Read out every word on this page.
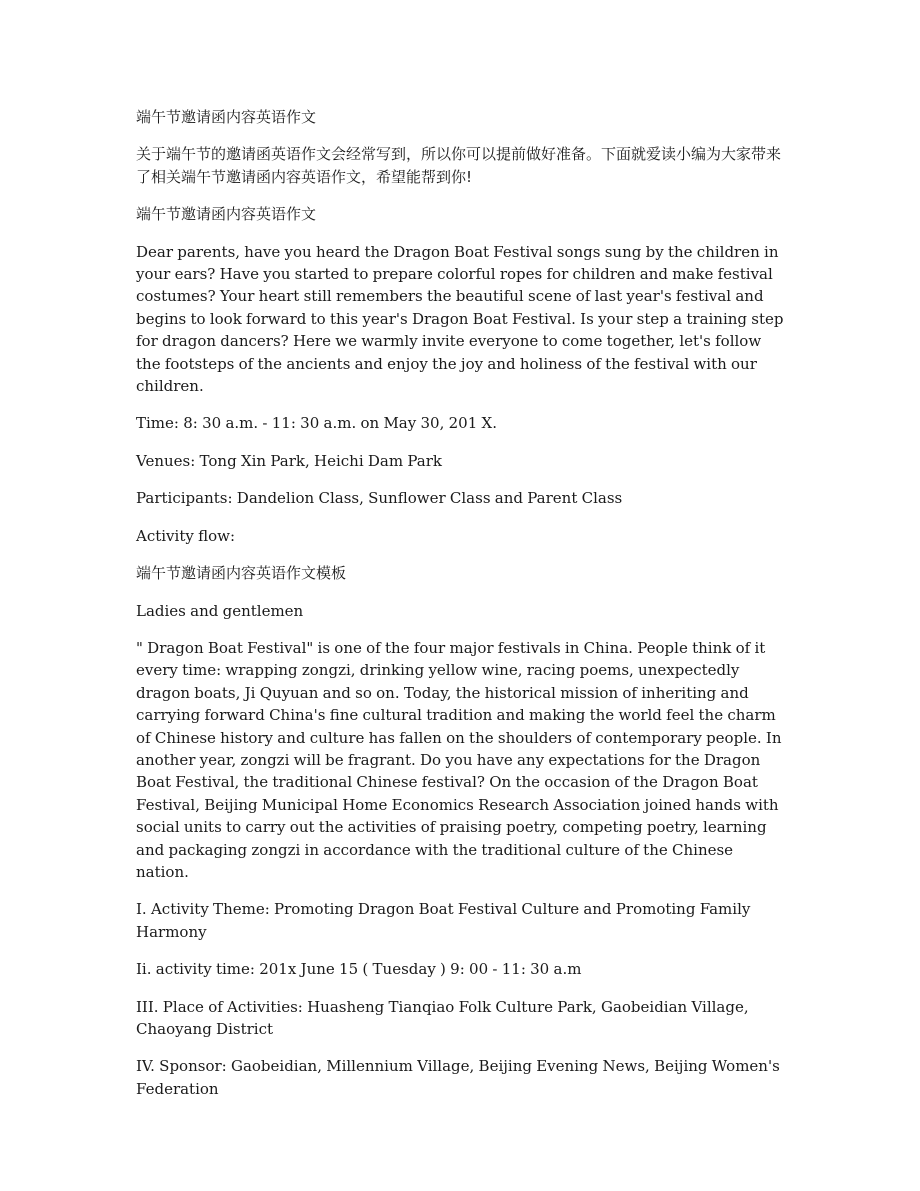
端午节邀请函内容英语作文

关于端午节的邀请函英语作文会经常写到，所以你可以提前做好准备。下面就爱读小编为大家带来了相关端午节邀请函内容英语作文，希望能帮到你!

端午节邀请函内容英语作文

Dear parents, have you heard the Dragon Boat Festival songs sung by the children in your ears? Have you started to prepare colorful ropes for children and make festival costumes? Your heart still remembers the beautiful scene of last year's festival and begins to look forward to this year's Dragon Boat Festival. Is your step a training step for dragon dancers? Here we warmly invite everyone to come together, let's follow the footsteps of the ancients and enjoy the joy and holiness of the festival with our children.

Time: 8: 30 a.m. - 11: 30 a.m. on May 30, 201 X.

Venues: Tong Xin Park, Heichi Dam Park

Participants: Dandelion Class, Sunflower Class and Parent Class

Activity flow:

端午节邀请函内容英语作文模板

Ladies and gentlemen

" Dragon Boat Festival" is one of the four major festivals in China. People think of it every time: wrapping zongzi, drinking yellow wine, racing poems, unexpectedly dragon boats, Ji Quyuan and so on. Today, the historical mission of inheriting and carrying forward China's fine cultural tradition and making the world feel the charm of Chinese history and culture has fallen on the shoulders of contemporary people. In another year, zongzi will be fragrant. Do you have any expectations for the Dragon Boat Festival, the traditional Chinese festival? On the occasion of the Dragon Boat Festival, Beijing Municipal Home Economics Research Association joined hands with social units to carry out the activities of praising poetry, competing poetry, learning and packaging zongzi in accordance with the traditional culture of the Chinese nation.

I. Activity Theme: Promoting Dragon Boat Festival Culture and Promoting Family Harmony

Ii. activity time: 201x June 15 ( Tuesday ) 9: 00 - 11: 30 a.m

III. Place of Activities: Huasheng Tianqiao Folk Culture Park, Gaobeidian Village, Chaoyang District

IV. Sponsor: Gaobeidian, Millennium Village, Beijing Evening News, Beijing Women's Federation
